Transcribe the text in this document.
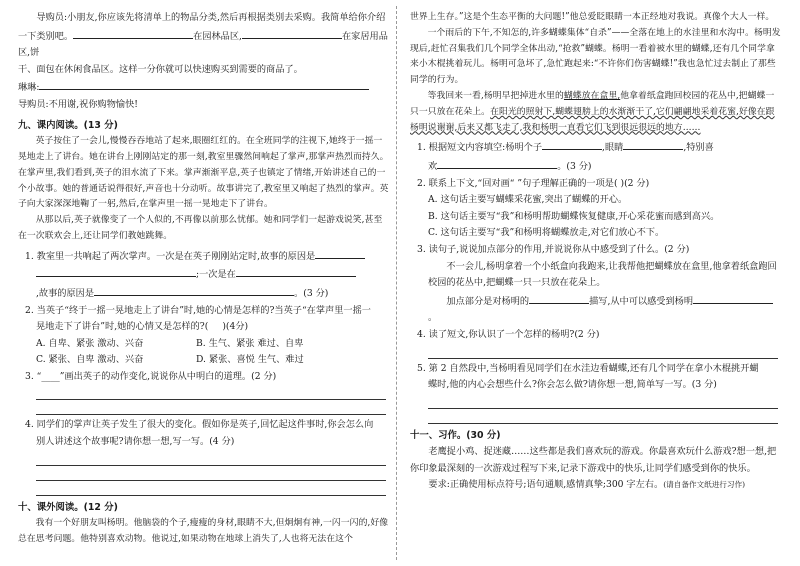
导购员:小朋友,你应该先将清单上的物品分类,然后再根据类别去采购。我简单给你介绍

一下类别吧。	在园林品区,	在家居用品区,饼

干、面包在休闲食品区。这样一分你就可以快速购买到需要的商品了。

琳琳:

导购员:不用谢,祝你购物愉快!

九、课内阅读。(13 分)

英子按住了一会儿,慢慢吞吞地站了起来,眼圈红红的。在全班同学的注视下,她终于一摇一晃地走上了讲台。她在讲台上刚刚站定的那一刻,教室里骤然间响起了掌声,那掌声热烈而持久。在掌声里,我们看到,英子的泪水流了下来。掌声渐渐平息,英子也镇定了情绪,开始讲述自己的一个小故事。她的普通话说得很好,声音也十分动听。故事讲完了,教室里又响起了热烈的掌声。英子向大家深深地鞠了一躬,然后,在掌声里一摇一晃地走下了讲台。

从那以后,英子就像变了一个人似的,不再像以前那么忧郁。她和同学们一起游戏说笑,甚至在一次联欢会上,还让同学们教她跳舞。

1. 教室里一共响起了两次掌声。一次是在英子刚刚站定时,故事的原因是
;一次是在
,故事的原因是	。(3 分)

2. 当英子“终于一摇一晃地走上了讲台”时,她的心情是怎样的?当英子“在掌声里一摇一
晃地走下了讲台”时,她的心情又是怎样的?( )(4分)

A. 自卑、紧张 激动、兴奋	B. 生气、紧张 难过、自卑
C. 紧张、自卑 激动、兴奋	D. 紧张、喜悦 生气、难过

3. “____”画出英子的动作变化,说说你从中明白的道理。(2 分)

4. 同学们的掌声让英子发生了很大的变化。假如你是英子,回忆起这件事时,你会怎么向
别人讲述这个故事呢?请你想一想,写一写。(4 分)

十、课外阅读。(12 分)

我有一个好朋友叫杨明。他脑袋的个子,瘦瘦的身材,眼睛不大,但炯炯有神,一闪一闪的,好像总在思考问题。他特别喜欢动物。他说过,如果动物在地球上消失了,人也将无法在这个

世界上生存。”这是个生态平衡的大问题!”他总爱眨眼睛一本正经地对我说。真像个大人一样。

一个雨后的下午,不知怎的,许多蝴蝶集体“自杀”——全落在地上的水洼里和水沟中。杨明发现后,赶忙召集我们几个同学全体出动,“抢救”蝴蝶。杨明一看着被水里的蝴蝶,还有几个同学拿来小木棍挑着玩儿。杨明可急坏了,急忙跑起来:“不许你们伤害蝴蝶!”我也急忙过去制止了那些同学的行为。

等我回来一看,杨明早把掉进水里的蝴蝶放在盒里,他拿着纸盒跑回校园的花丛中,把蝴蝶一只一只放在花朵上。在阳光的照射下,蝴蝶翅膀上的水渐渐干了,它们翩翩地采着花蜜,好像在跟杨明说谢谢,后来又都飞走了,我和杨明一直看它们飞到很远很远的地方……

1. 根据短文内容填空:杨明个子	,眼睛	,特别喜
欢	。(3 分)

2. 联系上下文,“回对画“ ”句子理解正确的一项是( )(2 分)

A. 这句话主要写蝴蝶采花蜜,突出了蝴蝶的开心。

B. 这句话主要写“我”和杨明帮助蝴蝶恢复健康,开心采花蜜而感到高兴。

C. 这句话主要写“我”和杨明将蝴蝶放走,对它们放心不下。

3. 读句子,说说加点部分的作用,并说说你从中感受到了什么。(2 分)

不一会儿,杨明拿着一个小纸盒向我跑来,让我帮他把蝴蝶放在盒里,他拿着纸盒跑回校园的花丛中,把蝴蝶一只一只放在花朵上。

加点部分是对杨明的	描写,从中可以感受到杨明。

4. 读了短文,你认识了一个怎样的杨明?(2 分)

5. 第 2 自然段中,当杨明看见同学们在水洼边看蝴蝶,还有几个同学在拿小木棍挑开蝴
蝶时,他的内心会想些什么?你会怎么做?请你想一想,简单写一写。(3 分)

十一、习作。(30 分)

老鹰捉小鸡、捉迷藏……这些都是我们喜欢玩的游戏。你最喜欢玩什么游戏?想一想,把你印象最深刻的一次游戏过程写下来,记录下游戏中的快乐,让同学们感受到你的快乐。

要求:正确使用标点符号;语句通顺,感情真挚;300 字左右。(请自备作文纸进行习作)
